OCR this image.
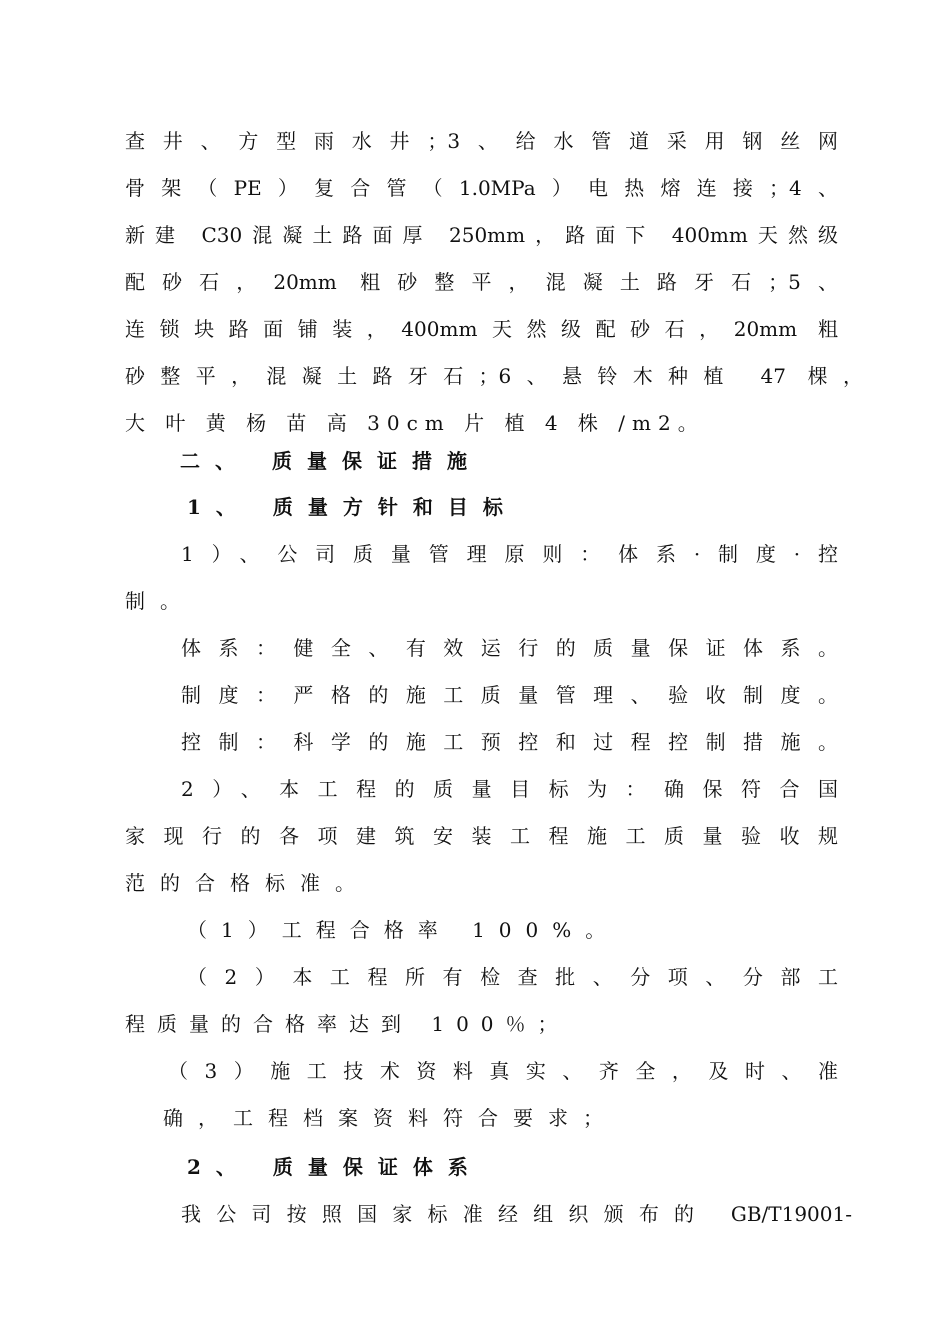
查井、方型雨水井；3、给水管道采用钢丝网
骨架（PE）复合管（1.0MPa）电热熔连接；4、
新建 C30混凝土路面厚 250mm，路面下 400mm天然级
配砂石，20mm 粗砂整平，混凝土路牙石；5、
连锁块路面铺装，400mm天然级配砂石，20mm 粗
砂整平，混凝土路牙石；6、悬铃木种植 47 棵，
大 叶 黄 杨 苗 高 30cm 片 植 4 株 /m2。
二、 质量保证措施
1、 质量方针和目标
1）、公司质量管理原则：体系·制度·控
制。
体系：健全、有效运行的质量保证体系。
制度：严格的施工质量管理、验收制度。
控制：科学的施工预控和过程控制措施。
2）、本工程的质量目标为：确保符合国
家现行的各项建筑安装工程施工质量验收规
范的合格标准。
（1）工程合格率 100%。
（2）本工程所有检查批、分项、分部工
程质量的合格率达到 100％；
（3）施工技术资料真实、齐全，及时、准
确，工程档案资料符合要求；
2、 质量保证体系
我公司按照国家标准经组织颁布的 GB/T19001-
